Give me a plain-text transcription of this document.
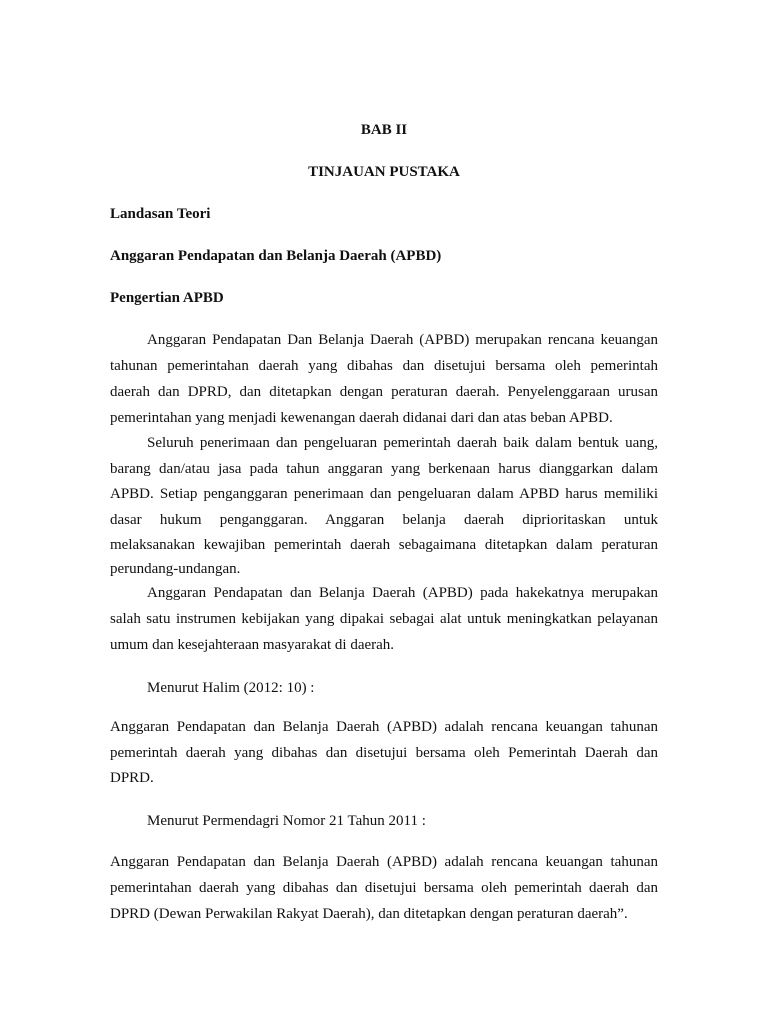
BAB II
TINJAUAN PUSTAKA
Landasan Teori
Anggaran Pendapatan dan Belanja Daerah (APBD)
Pengertian APBD
Anggaran Pendapatan Dan Belanja Daerah (APBD) merupakan rencana keuangan
tahunan pemerintahan daerah yang dibahas dan disetujui bersama oleh pemerintah
daerah dan DPRD, dan ditetapkan dengan peraturan daerah. Penyelenggaraan urusan
pemerintahan yang menjadi kewenangan daerah didanai dari dan atas beban APBD.
Seluruh penerimaan dan pengeluaran pemerintah daerah baik dalam bentuk uang,
barang dan/atau jasa pada tahun anggaran yang berkenaan harus dianggarkan dalam
APBD. Setiap penganggaran penerimaan dan pengeluaran dalam APBD harus memiliki
dasar hukum penganggaran. Anggaran belanja daerah diprioritaskan untuk
melaksanakan kewajiban pemerintah daerah sebagaimana ditetapkan dalam peraturan
perundang-undangan.
Anggaran Pendapatan dan Belanja Daerah (APBD) pada hakekatnya merupakan
salah satu instrumen kebijakan yang dipakai sebagai alat untuk meningkatkan pelayanan
umum dan kesejahteraan masyarakat di daerah.
Menurut Halim (2012: 10) :
Anggaran Pendapatan dan Belanja Daerah (APBD) adalah rencana keuangan tahunan
pemerintah daerah yang dibahas dan disetujui bersama oleh Pemerintah Daerah dan
DPRD.
Menurut Permendagri Nomor 21 Tahun 2011 :
Anggaran Pendapatan dan Belanja Daerah (APBD) adalah rencana keuangan tahunan
pemerintahan daerah yang dibahas dan disetujui bersama oleh pemerintah daerah dan
DPRD (Dewan Perwakilan Rakyat Daerah), dan ditetapkan dengan peraturan daerah”.
